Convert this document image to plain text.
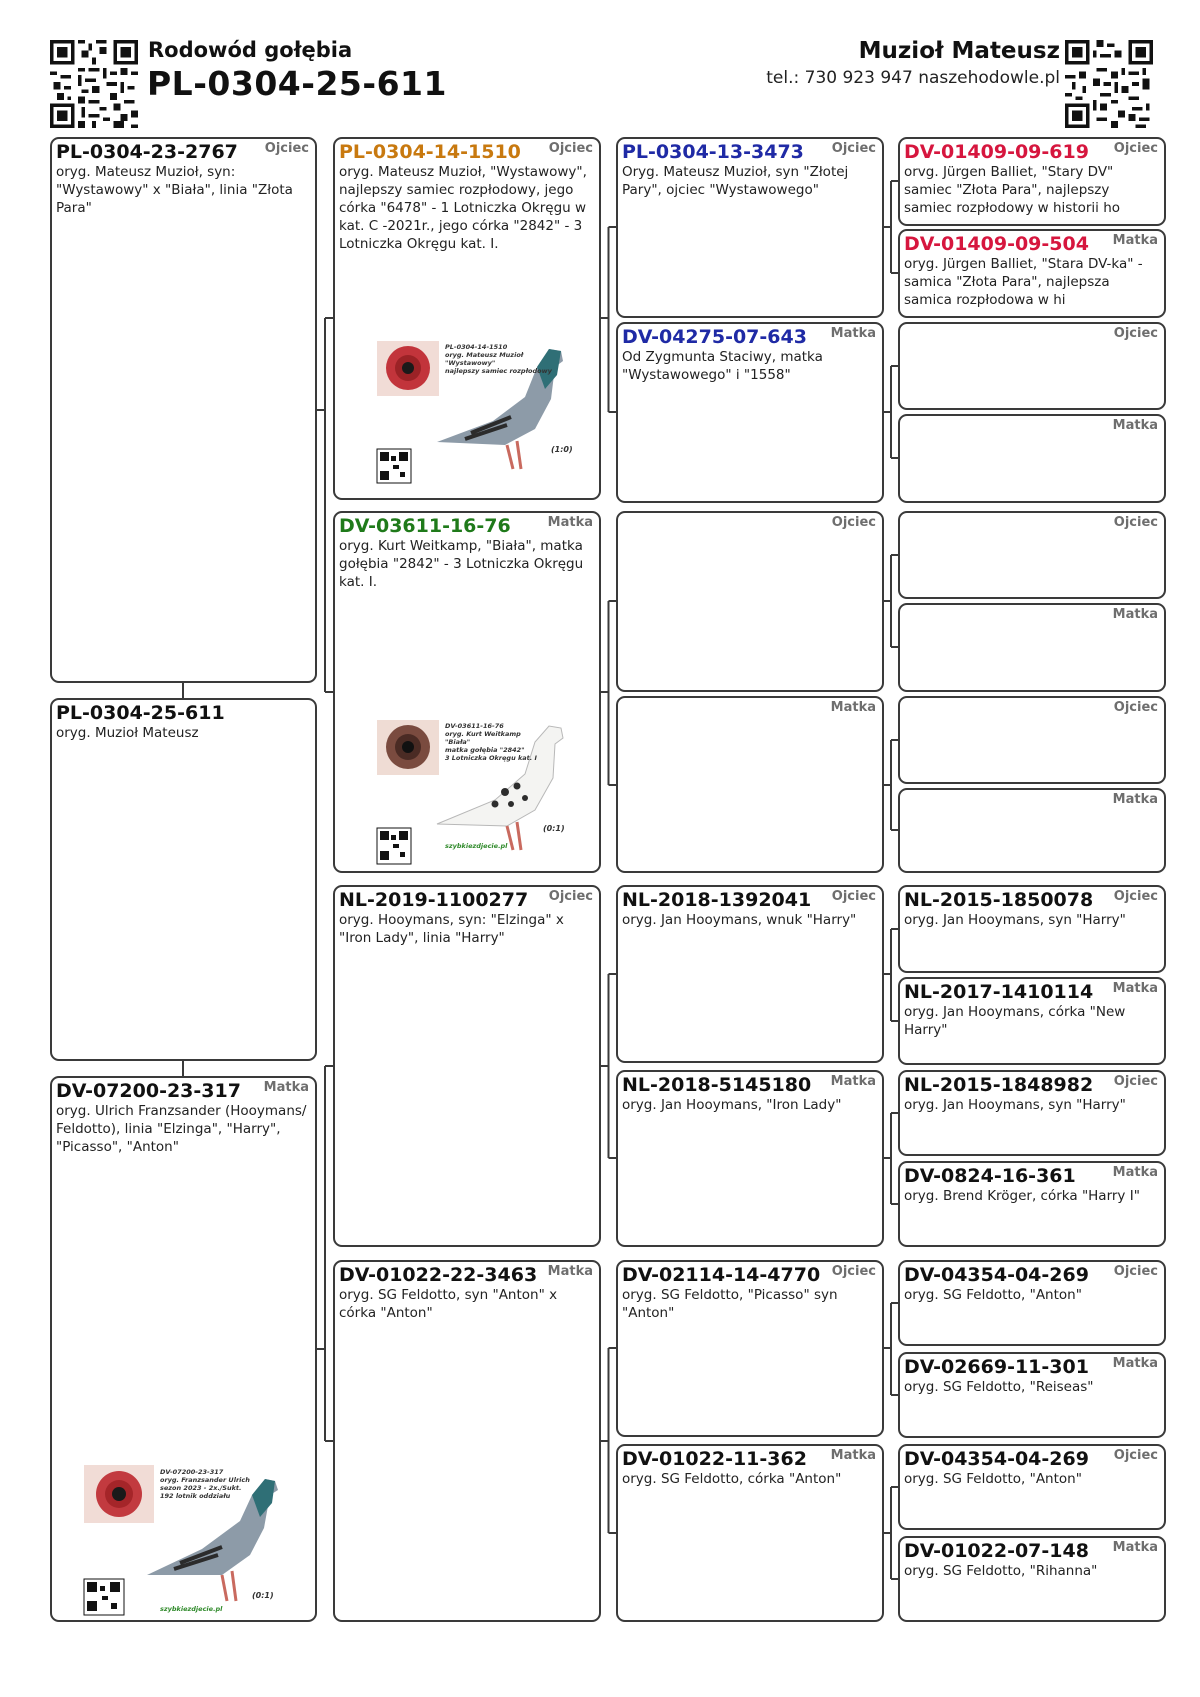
Rodowód gołębia
PL-0304-25-611
Muzioł Mateusz
tel.: 730 923 947 naszehodowle.pl
PL-0304-23-2767 Ojciec
oryg. Mateusz Muzioł, syn: "Wystawowy" x "Biała", linia "Złota Para"
PL-0304-25-611
oryg. Muzioł Mateusz
DV-07200-23-317 Matka
oryg. Ulrich Franzsander (Hooymans/ Feldotto), linia "Elzinga", "Harry", "Picasso", "Anton"
DV-07200-23-317
oryg. Franzsander Ulrich
sezon 2023 - 2x./Sukt.
192 lotnik oddziału
(0:1)
szybkiezdjecie.pl
PL-0304-14-1510 Ojciec
oryg. Mateusz Muzioł, "Wystawowy", najlepszy samiec rozpłodowy, jego córka "6478" - 1 Lotniczka Okręgu w kat. C -2021r., jego córka "2842" - 3 Lotniczka Okręgu kat. I.
PL-0304-14-1510
oryg. Mateusz Muzioł
"Wystawowy"
najlepszy samiec rozpłodowy
(1:0)
DV-03611-16-76	Matka
oryg. Kurt Weitkamp, "Biała", matka gołębia "2842" - 3 Lotniczka Okręgu kat. I.
DV-03611-16-76
oryg. Kurt Weitkamp
"Biała"
matka gołębia "2842"
3 Lotniczka Okręgu kat. I
(0:1)
szybkiezdjecie.pl
NL-2019-1100277 Ojciec
oryg. Hooymans, syn: "Elzinga" x "Iron Lady", linia "Harry"
DV-01022-22-3463 Matka
oryg. SG Feldotto, syn "Anton" x córka "Anton"
PL-0304-13-3473 Ojciec
Oryg. Mateusz Muzioł, syn "Złotej Pary", ojciec "Wystawowego"
DV-04275-07-643 Matka
Od Zygmunta Staciwy, matka "Wystawowego" i "1558"
Ojciec
Matka
NL-2018-1392041 Ojciec
oryg. Jan Hooymans, wnuk "Harry"
NL-2018-5145180 Matka
oryg. Jan Hooymans, "Iron Lady"
DV-02114-14-4770 Ojciec
oryg. SG Feldotto, "Picasso" syn "Anton"
DV-01022-11-362 Matka
oryg. SG Feldotto, córka "Anton"
DV-01409-09-619 Ojciec
orvg. Jürgen Balliet, "Stary DV" samiec "Złota Para", najlepszy samiec rozpłodowy w historii ho
DV-01409-09-504 Matka
oryg. Jürgen Balliet, "Stara DV-ka" - samica "Złota Para", najlepsza samica rozpłodowa w hi
Ojciec
Matka
Ojciec
Matka
Ojciec
Matka
NL-2015-1850078 Ojciec
oryg. Jan Hooymans, syn "Harry"
NL-2017-1410114 Matka
oryg. Jan Hooymans, córka "New Harry"
NL-2015-1848982 Ojciec
oryg. Jan Hooymans, syn "Harry"
DV-0824-16-361	Matka
oryg. Brend Kröger, córka "Harry I"
DV-04354-04-269 Ojciec
oryg. SG Feldotto, "Anton"
DV-02669-11-301 Matka
oryg. SG Feldotto, "Reiseas"
DV-04354-04-269 Ojciec
oryg. SG Feldotto, "Anton"
DV-01022-07-148 Matka
oryg. SG Feldotto, "Rihanna"
